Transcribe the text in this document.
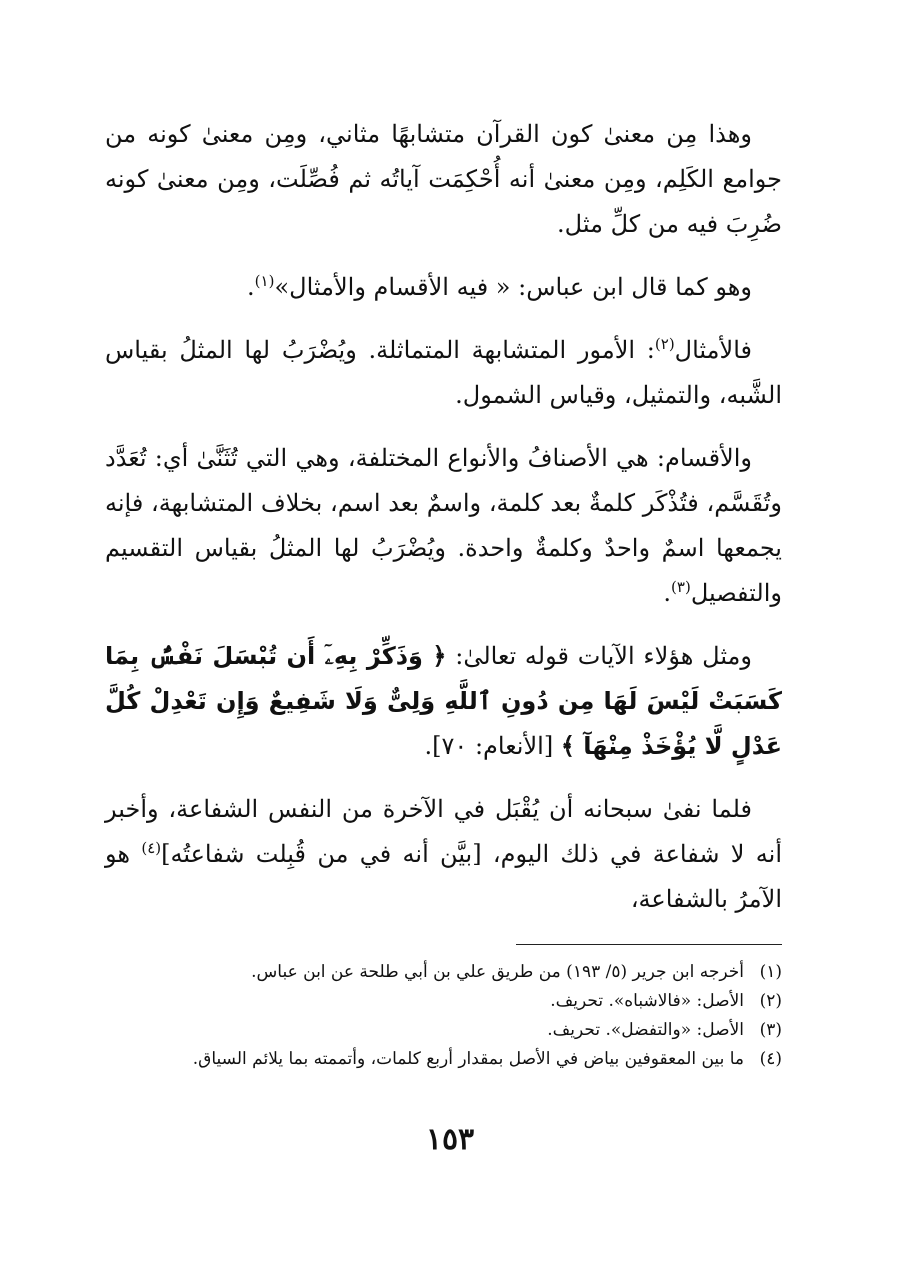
وهذا مِن معنىٰ كون القرآن متشابهًا مثاني، ومِن معنىٰ كونه من جوامع الكَلِم، ومِن معنىٰ أنه أُحْكِمَت آياتُه ثم فُصِّلَت، ومِن معنىٰ كونه ضُرِبَ فيه من كلِّ مثل.

وهو كما قال ابن عباس: « فيه الأقسام والأمثال»$^{(١)}$.

فالأمثال$^{(٢)}$: الأمور المتشابهة المتماثلة. ويُضْرَبُ لها المثلُ بقياس الشَّبه، والتمثيل، وقياس الشمول.

والأقسام: هي الأصنافُ والأنواع المختلفة، وهي التي تُثَنَّىٰ أي: تُعَدَّد وتُقَسَّم، فتُذْكَر كلمةٌ بعد كلمة، واسمٌ بعد اسم، بخلاف المتشابهة، فإنه يجمعها اسمٌ واحدٌ وكلمةٌ واحدة. ويُضْرَبُ لها المثلُ بقياس التقسيم والتفصيل$^{(٣)}$.

ومثل هؤلاء الآيات قوله تعالىٰ: ﴿ وَذَكِّرْ بِهِۦٓ أَن تُبْسَلَ نَفْسٌۢ بِمَا كَسَبَتْ لَيْسَ لَهَا مِن دُونِ ٱللَّهِ وَلِىٌّ وَلَا شَفِيعٌ وَإِن تَعْدِلْ كُلَّ عَدْلٍ لَّا يُؤْخَذْ مِنْهَآ ﴾ [الأنعام: ٧٠].

فلما نفىٰ سبحانه أن يُقْبَل في الآخرة من النفس الشفاعة، وأخبر أنه لا شفاعة في ذلك اليوم، [بيَّن أنه في من قُبِلت شفاعتُه]$^{(٤)}$ هو الآمرُ بالشفاعة،

(١)
أخرجه ابن جرير (٥/ ١٩٣) من طريق علي بن أبي طلحة عن ابن عباس.
(٢)
الأصل: «فالاشباه». تحريف.
(٣)
الأصل: «والتفضل». تحريف.
(٤)
ما بين المعقوفين بياض في الأصل بمقدار أربع كلمات، وأتممته بما يلائم السياق.
١٥٣
